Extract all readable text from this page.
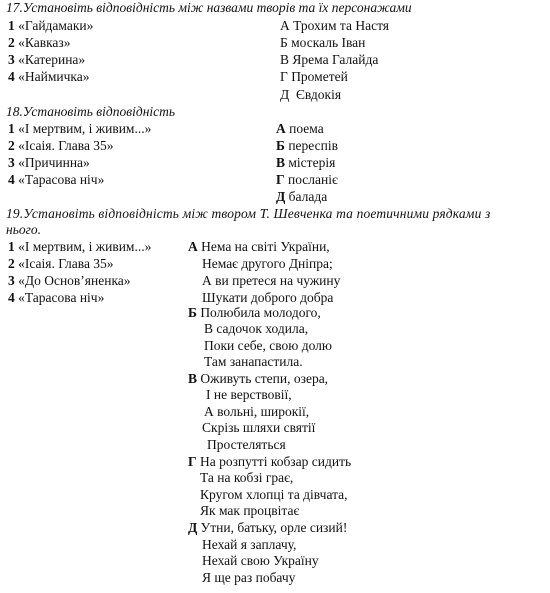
17.Установіть відповідність між назвами творів та їх персонажами
1 «Гайдамаки»
2 «Кавказ»
3 «Катерина»
4 «Наймичка»
А Трохим та Настя
Б москаль Іван
В Ярема Галайда
Г Прометей
Д Євдокія
18.Установіть відповідність
1 «І мертвим, і живим...»
2 «Ісаія. Глава 35»
3 «Причинна»
4 «Тарасова ніч»
А поема
Б переспів
В містерія
Г посланіє
Д балада
19.Установіть відповідність між твором Т. Шевченка та поетичними рядками з
нього.
1 «І мертвим, і живим...»
2 «Ісаія. Глава 35»
3 «До Основ’яненка»
4 «Тарасова ніч»
А Нема на світі України,
Немає другого Дніпра;
А ви претеся на чужину
Шукати доброго добра
Б Полюбила молодого,
В садочок ходила,
Поки себе, свою долю
Там занапастила.
В Оживуть степи, озера,
І не верствовії,
А вольні, широкії,
Скрізь шляхи святії
Простеляться
Г На розпутті кобзар сидить
Та на кобзі грає,
Кругом хлопці та дівчата,
Як мак процвітає
Д Утни, батьку, орле сизий!
Нехай я заплачу,
Нехай свою Україну
Я ще раз побачу
